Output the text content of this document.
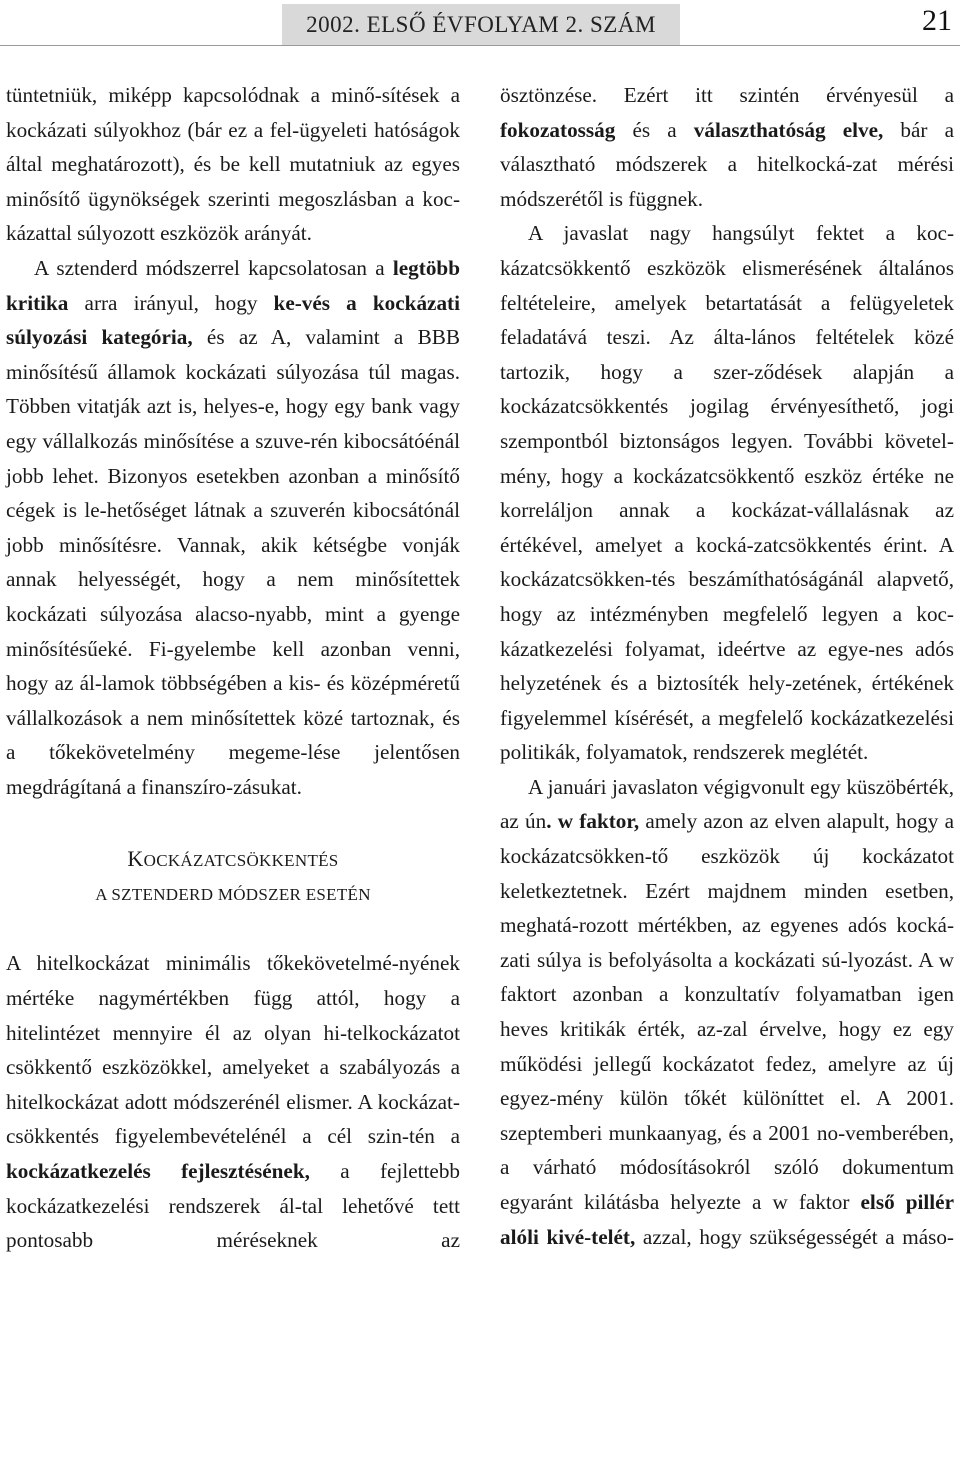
2002. ELSŐ ÉVFOLYAM 2. SZÁM	21

tüntetniük, miképp kapcsolódnak a minő-sítések a kockázati súlyokhoz (bár ez a fel-ügyeleti hatóságok által meghatározott), és be kell mutatniuk az egyes minősítő ügynökségek szerinti megoszlásban a koc-kázattal súlyozott eszközök arányát.

A sztenderd módszerrel kapcsolatosan a legtöbb kritika arra irányul, hogy ke-vés a kockázati súlyozási kategória, és az A, valamint a BBB minősítésű államok kockázati súlyozása túl magas. Többen vitatják azt is, helyes-e, hogy egy bank vagy egy vállalkozás minősítése a szuve-rén kibocsátóénál jobb lehet. Bizonyos esetekben azonban a minősítő cégek is le-hetőséget látnak a szuverén kibocsátónál jobb minősítésre. Vannak, akik kétségbe vonják annak helyességét, hogy a nem minősítettek kockázati súlyozása alacso-nyabb, mint a gyenge minősítésűeké. Fi-gyelembe kell azonban venni, hogy az ál-lamok többségében a kis- és középméretű vállalkozások a nem minősítettek közé tartoznak, és a tőkekövetelmény megeme-lése jelentősen megdrágítaná a finanszíro-zásukat.

KOCKÁZATCSÖKKENTÉS

A SZTENDERD MÓDSZER ESETÉN

A hitelkockázat minimális tőkekövetelmé-nyének mértéke nagymértékben függ attól, hogy a hitelintézet mennyire él az olyan hi-telkockázatot csökkentő eszközökkel, amelyeket a szabályozás a hitelkockázat adott módszerénél elismer. A kockázat-csökkentés figyelembevételénél a cél szin-tén a kockázatkezelés fejlesztésének, a fejlettebb kockázatkezelési rendszerek ál-tal lehetővé tett pontosabb méréseknek az

ösztönzése. Ezért itt szintén érvényesül a fokozatosság és a választhatóság elve, bár a választható módszerek a hitelkocká-zat mérési módszerétől is függnek.

A javaslat nagy hangsúlyt fektet a koc-kázatcsökkentő eszközök elismerésének általános feltételeire, amelyek betartatását a felügyeletek feladatává teszi. Az álta-lános feltételek közé tartozik, hogy a szer-ződések alapján a kockázatcsökkentés jogilag érvényesíthető, jogi szempontból biztonságos legyen. További követel-mény, hogy a kockázatcsökkentő eszköz értéke ne korreláljon annak a kockázat-vállalásnak az értékével, amelyet a kocká-zatcsökkentés érint. A kockázatcsökken-tés beszámíthatóságánál alapvető, hogy az intézményben megfelelő legyen a koc-kázatkezelési folyamat, ideértve az egye-nes adós helyzetének és a biztosíték hely-zetének, értékének figyelemmel kísérését, a megfelelő kockázatkezelési politikák, folyamatok, rendszerek meglétét.

A januári javaslaton végigvonult egy küszöbérték, az ún. w faktor, amely azon az elven alapult, hogy a kockázatcsökken-tő eszközök új kockázatot keletkeztetnek. Ezért majdnem minden esetben, meghatá-rozott mértékben, az egyenes adós kocká-zati súlya is befolyásolta a kockázati sú-lyozást. A w faktort azonban a konzultatív folyamatban igen heves kritikák érték, az-zal érvelve, hogy ez egy működési jellegű kockázatot fedez, amelyre az új egyez-mény külön tőkét különíttet el. A 2001. szeptemberi munkaanyag, és a 2001 no-vemberében, a várható módosításokról szóló dokumentum egyaránt kilátásba helyezte a w faktor első pillér alóli kivé-telét, azzal, hogy szükségességét a máso-
